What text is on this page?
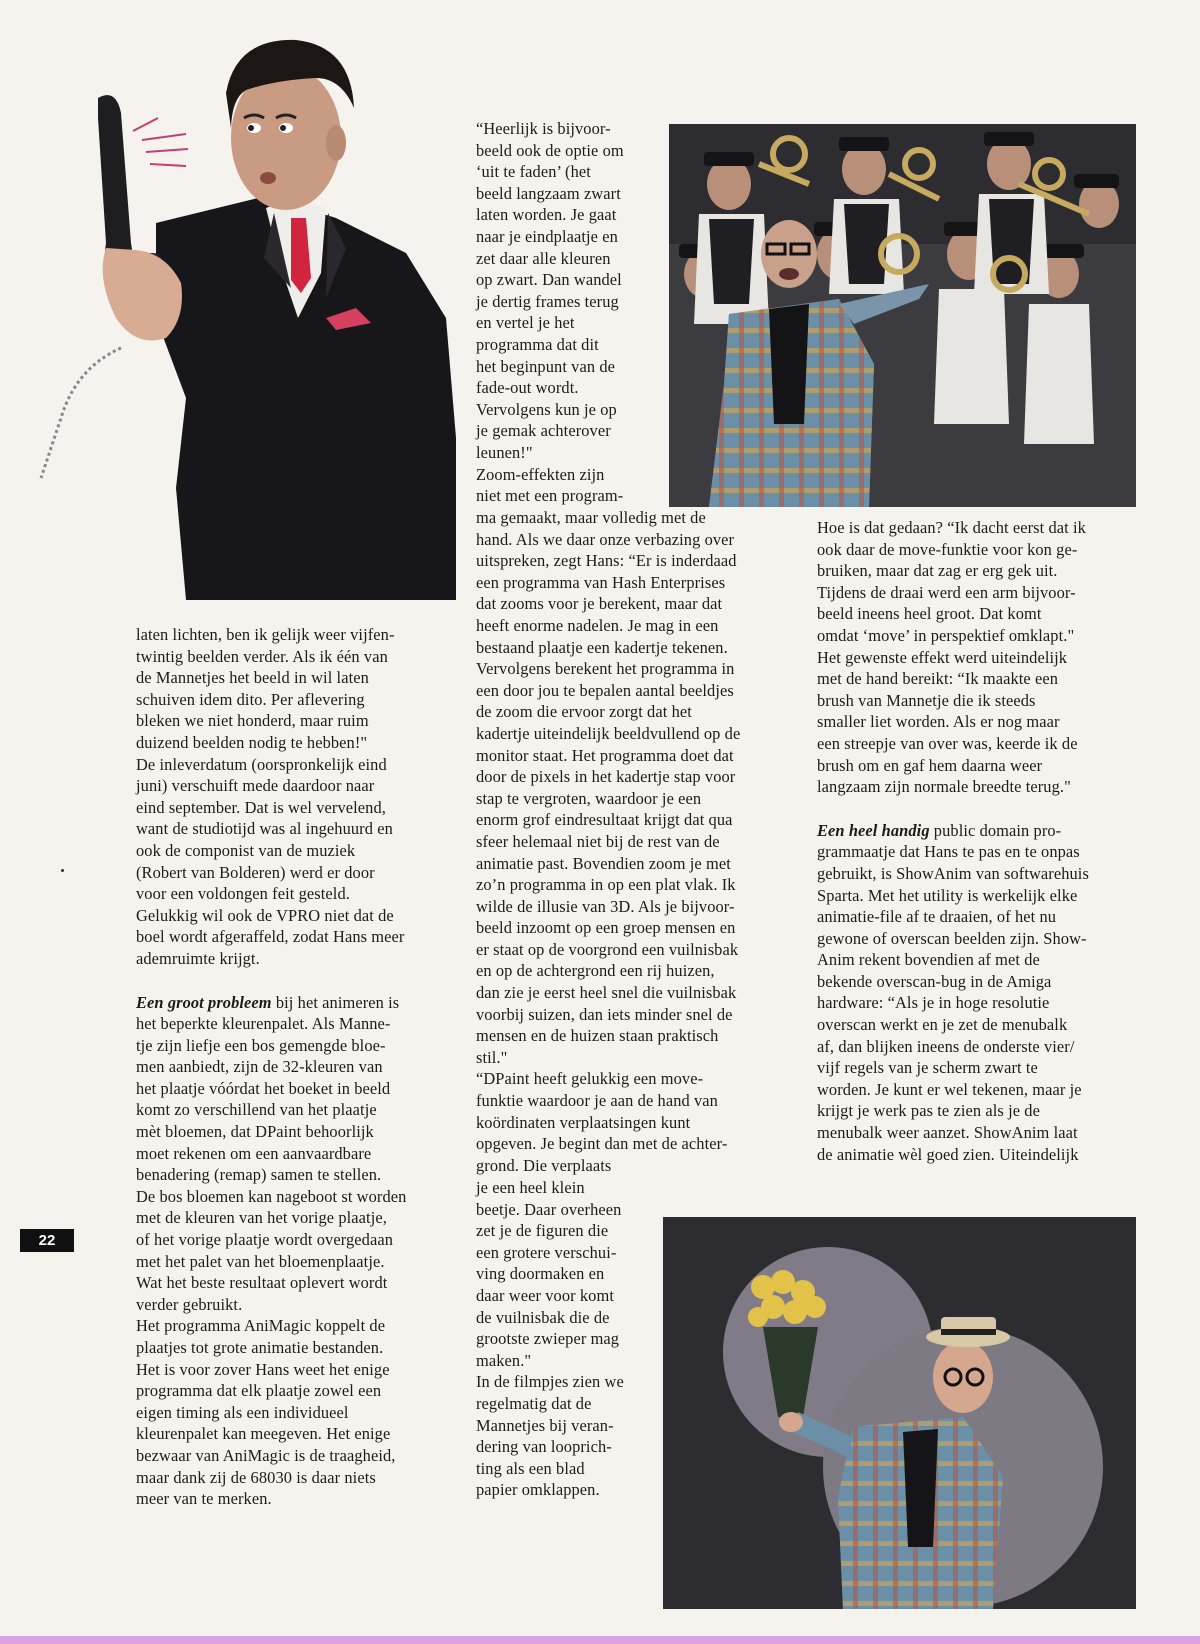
laten lichten, ben ik gelijk weer vijfen-

twintig beelden verder. Als ik één van

de Mannetjes het beeld in wil laten

schuiven idem dito. Per aflevering

bleken we niet honderd, maar ruim

duizend beelden nodig te hebben!"

De inleverdatum (oorspronkelijk eind

juni) verschuift mede daardoor naar

eind september. Dat is wel vervelend,

want de studiotijd was al ingehuurd en

ook de componist van de muziek

(Robert van Bolderen) werd er door

voor een voldongen feit gesteld.

Gelukkig wil ook de VPRO niet dat de

boel wordt afgeraffeld, zodat Hans meer

ademruimte krijgt.

Een groot probleem bij het animeren is

het beperkte kleurenpalet. Als Manne-

tje zijn liefje een bos gemengde bloe-

men aanbiedt, zijn de 32-kleuren van

het plaatje vóórdat het boeket in beeld

komt zo verschillend van het plaatje

mèt bloemen, dat DPaint behoorlijk

moet rekenen om een aanvaardbare

benadering (remap) samen te stellen.

De bos bloemen kan nageboot st worden

met de kleuren van het vorige plaatje,

of het vorige plaatje wordt overgedaan

met het palet van het bloemenplaatje.

Wat het beste resultaat oplevert wordt

verder gebruikt.

Het programma AniMagic koppelt de

plaatjes tot grote animatie bestanden.

Het is voor zover Hans weet het enige

programma dat elk plaatje zowel een

eigen timing als een individueel

kleurenpalet kan meegeven. Het enige

bezwaar van AniMagic is de traagheid,

maar dank zij de 68030 is daar niets

meer van te merken.

“Heerlijk is bijvoor-

beeld ook de optie om

‘uit te faden’ (het

beeld langzaam zwart

laten worden. Je gaat

naar je eindplaatje en

zet daar alle kleuren

op zwart. Dan wandel

je dertig frames terug

en vertel je het

programma dat dit

het beginpunt van de

fade-out wordt.

Vervolgens kun je op

je gemak achterover

leunen!"

Zoom-effekten zijn

niet met een program-

ma gemaakt, maar volledig met de

hand. Als we daar onze verbazing over

uitspreken, zegt Hans: “Er is inderdaad

een programma van Hash Enterprises

dat zooms voor je berekent, maar dat

heeft enorme nadelen. Je mag in een

bestaand plaatje een kadertje tekenen.

Vervolgens berekent het programma in

een door jou te bepalen aantal beeldjes

de zoom die ervoor zorgt dat het

kadertje uiteindelijk beeldvullend op de

monitor staat. Het programma doet dat

door de pixels in het kadertje stap voor

stap te vergroten, waardoor je een

enorm grof eindresultaat krijgt dat qua

sfeer helemaal niet bij de rest van de

animatie past. Bovendien zoom je met

zo’n programma in op een plat vlak. Ik

wilde de illusie van 3D. Als je bijvoor-

beeld inzoomt op een groep mensen en

er staat op de voorgrond een vuilnisbak

en op de achtergrond een rij huizen,

dan zie je eerst heel snel die vuilnisbak

voorbij suizen, dan iets minder snel de

mensen en de huizen staan praktisch

stil."

“DPaint heeft gelukkig een move-

funktie waardoor je aan de hand van

koördinaten verplaatsingen kunt

opgeven. Je begint dan met de achter-

grond. Die verplaats

je een heel klein

beetje. Daar overheen

zet je de figuren die

een grotere verschui-

ving doormaken en

daar weer voor komt

de vuilnisbak die de

grootste zwieper mag

maken."

In de filmpjes zien we

regelmatig dat de

Mannetjes bij veran-

dering van looprich-

ting als een blad

papier omklappen.

Hoe is dat gedaan? “Ik dacht eerst dat ik

ook daar de move-funktie voor kon ge-

bruiken, maar dat zag er erg gek uit.

Tijdens de draai werd een arm bijvoor-

beeld ineens heel groot. Dat komt

omdat ‘move’ in perspektief omklapt."

Het gewenste effekt werd uiteindelijk

met de hand bereikt: “Ik maakte een

brush van Mannetje die ik steeds

smaller liet worden. Als er nog maar

een streepje van over was, keerde ik de

brush om en gaf hem daarna weer

langzaam zijn normale breedte terug."

Een heel handig public domain pro-

grammaatje dat Hans te pas en te onpas

gebruikt, is ShowAnim van softwarehuis

Sparta. Met het utility is werkelijk elke

animatie-file af te draaien, of het nu

gewone of overscan beelden zijn. Show-

Anim rekent bovendien af met de

bekende overscan-bug in de Amiga

hardware: “Als je in hoge resolutie

overscan werkt en je zet de menubalk

af, dan blijken ineens de onderste vier/

vijf regels van je scherm zwart te

worden. Je kunt er wel tekenen, maar je

krijgt je werk pas te zien als je de

menubalk weer aanzet. ShowAnim laat

de animatie wèl goed zien. Uiteindelijk

22
